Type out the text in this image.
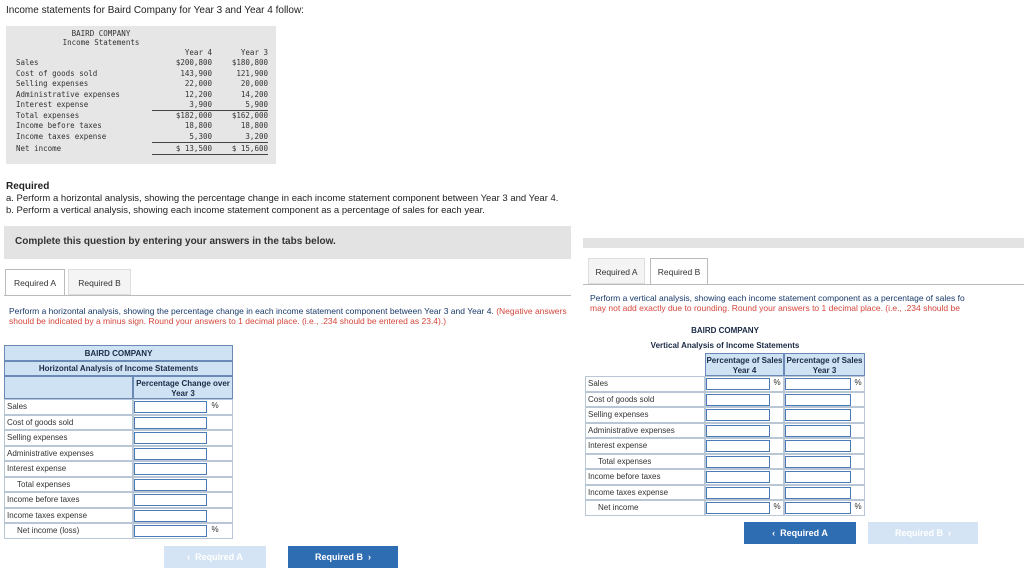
Income statements for Baird Company for Year 3 and Year 4 follow:
BAIRD COMPANY
Income Statements
Year 4	Year 3
Sales	$200,800	$180,800
Cost of goods sold	143,900	121,900
Selling expenses	22,000	20,000
Administrative expenses	12,200	14,200
Interest expense	3,900	5,900
Total expenses	$182,000	$162,000
Income before taxes	18,800	18,800
Income taxes expense	5,300	3,200
Net income	$ 13,500	$ 15,600
Required
a. Perform a horizontal analysis, showing the percentage change in each income statement component between Year 3 and Year 4.
b. Perform a vertical analysis, showing each income statement component as a percentage of sales for each year.
Complete this question by entering your answers in the tabs below.
Required A	Required B
Perform a horizontal analysis, showing the percentage change in each income statement component between Year 3 and Year 4. (Negative answers should be indicated by a minus sign. Round your answers to 1 decimal place. (i.e., .234 should be entered as 23.4).)
BAIRD COMPANY
Horizontal Analysis of Income Statements
Percentage Change over Year 3
Sales	%
Cost of goods sold
Selling expenses
Administrative expenses
Interest expense
Total expenses
Income before taxes
Income taxes expense
Net income (loss)	%
‹ Required A	Required B ›
Required A	Required B
Perform a vertical analysis, showing each income statement component as a percentage of sales fo
may not add exactly due to rounding. Round your answers to 1 decimal place. (i.e., .234 should be
BAIRD COMPANY
Vertical Analysis of Income Statements
Percentage of Sales Year 4
Percentage of Sales Year 3
Sales	%	%
Cost of goods sold
Selling expenses
Administrative expenses
Interest expense
Total expenses
Income before taxes
Income taxes expense
Net income	%	%
‹ Required A	Required B ›
